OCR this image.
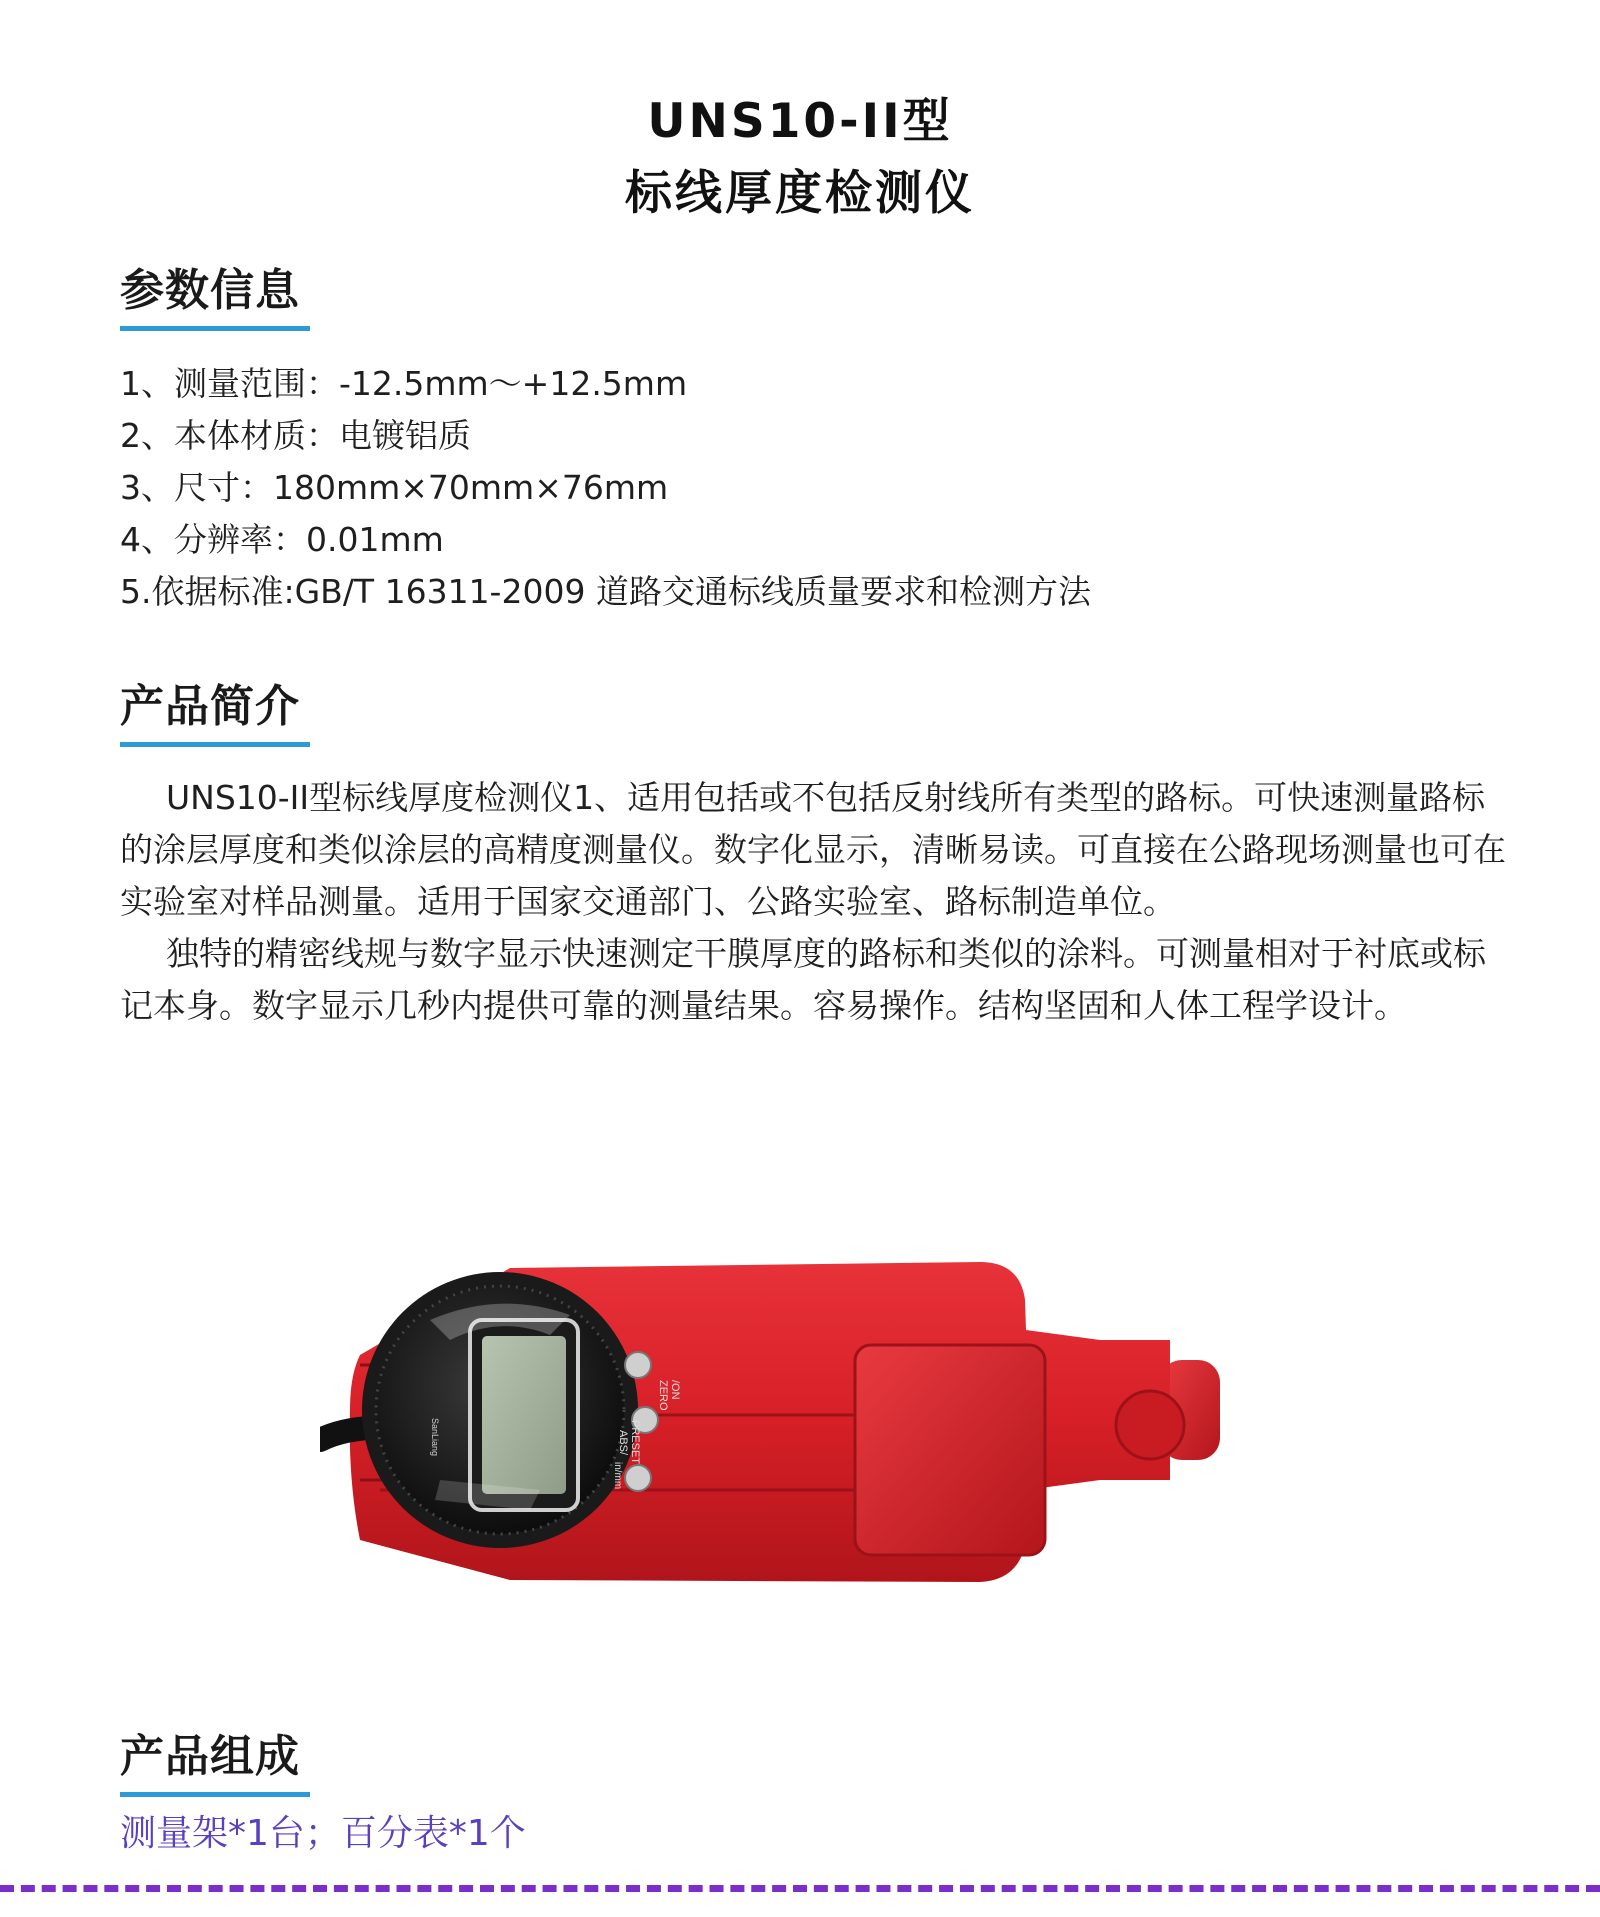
UNS10-II型
标线厚度检测仪
参数信息
1、测量范围：-12.5mm～+12.5mm
2、本体材质：电镀铝质
3、尺寸：180mm×70mm×76mm
4、分辨率：0.01mm
5.依据标准:GB/T 16311-2009 道路交通标线质量要求和检测方法
产品简介

UNS10-II型标线厚度检测仪1、适用包括或不包括反射线所有类型的路标。可快速测量路标的涂层厚度和类似涂层的高精度测量仪。数字化显示，清晰易读。可直接在公路现场测量也可在实验室对样品测量。适用于国家交通部门、公路实验室、路标制造单位。

独特的精密线规与数字显示快速测定干膜厚度的路标和类似的涂料。可测量相对于衬底或标记本身。数字显示几秒内提供可靠的测量结果。容易操作。结构坚固和人体工程学设计。

ZERO /ON
ABS/ PRESET
in/mm
SanLiang
产品组成
测量架*1台；百分表*1个
